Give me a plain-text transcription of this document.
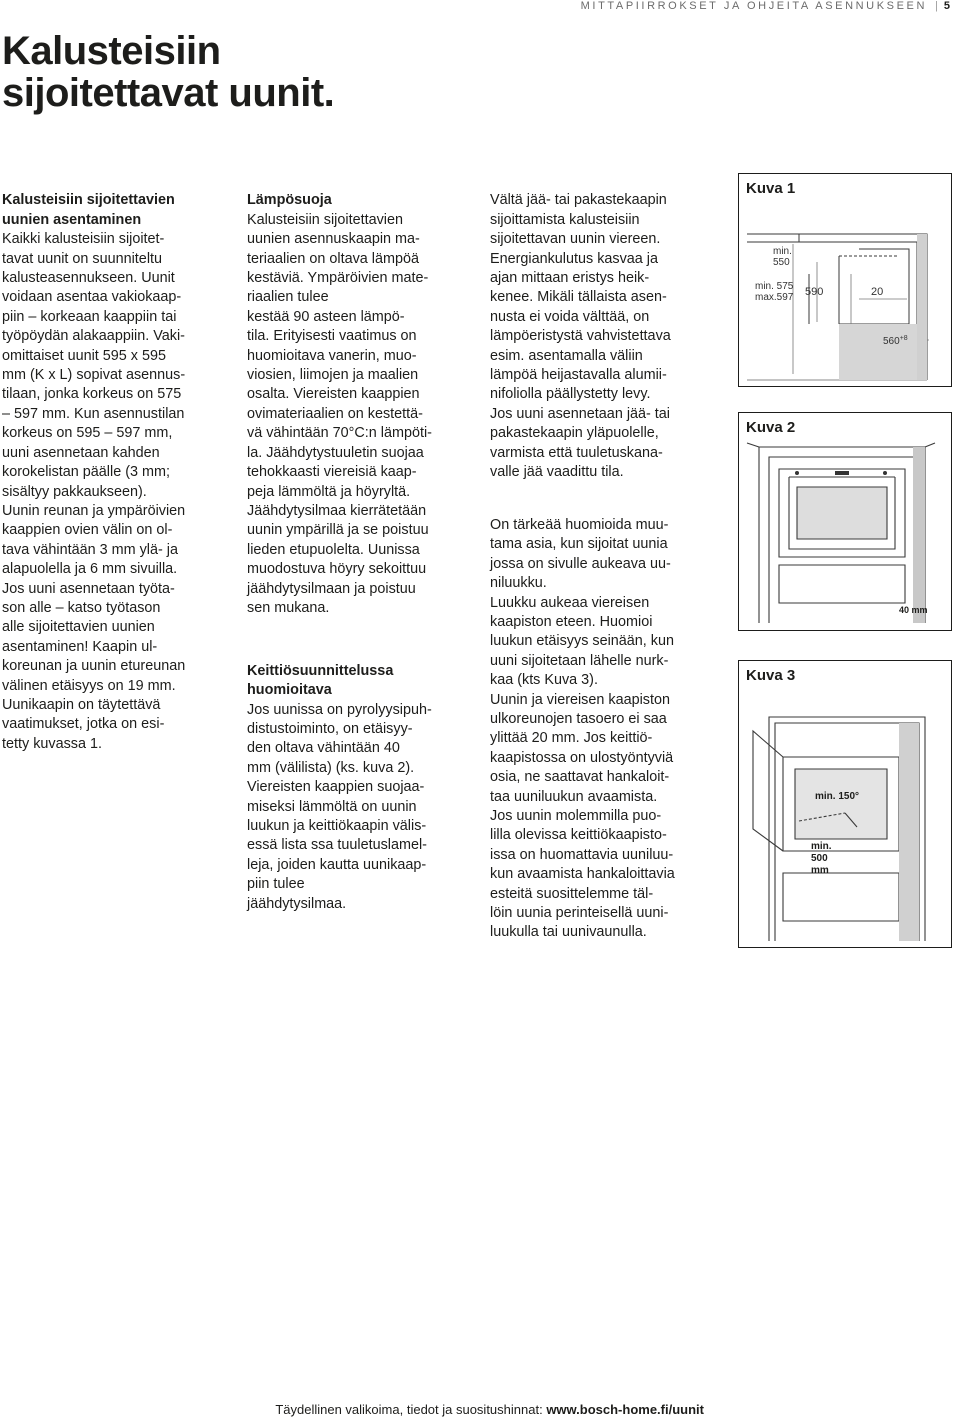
MITTAPIIRROKSET JA OHJEITA ASENNUKSEEN | 5
Kalusteisiin
sijoitettavat uunit.

Kalusteisiin sijoitettavien
uunien asentaminen
Kaikki kalusteisiin sijoitet-
tavat uunit on suunniteltu
kalusteasennukseen. Uunit
voidaan asentaa vakiokaap-
piin – korkeaan kaappiin tai
työpöydän alakaappiin. Vaki-
omittaiset uunit 595 x 595
mm (K x L) sopivat asennus-
tilaan, jonka korkeus on 575
– 597 mm. Kun asennustilan
korkeus on 595 – 597 mm,
uuni asennetaan kahden
korokelistan päälle (3 mm;
sisältyy pakkaukseen).
Uunin reunan ja ympäröivien
kaappien ovien välin on ol-
tava vähintään 3 mm ylä- ja
alapuolella ja 6 mm sivuilla.
Jos uuni asennetaan työta-
son alle – katso työtason
alle sijoitettavien uunien
asentaminen! Kaapin ul-
koreunan ja uunin etureunan
välinen etäisyys on 19 mm.
Uunikaapin on täytettävä
vaatimukset, jotka on esi-
tetty kuvassa 1.

Lämpösuoja
Kalusteisiin sijoitettavien
uunien asennuskaapin ma-
teriaalien on oltava lämpöä
kestäviä. Ympäröivien mate-
riaalien tulee
kestää 90 asteen lämpö-
tila. Erityisesti vaatimus on
huomioitava vanerin, muo-
viosien, liimojen ja maalien
osalta. Viereisten kaappien
ovimateriaalien on kestettä-
vä vähintään 70°C:n lämpöti-
la. Jäähdytystuuletin suojaa
tehokkaasti viereisiä kaap-
peja lämmöltä ja höyryltä.
Jäähdytysilmaa kierrätetään
uunin ympärillä ja se poistuu
lieden etupuolelta. Uunissa
muodostuva höyry sekoittuu
jäähdytysilmaan ja poistuu
sen mukana.

Keittiösuunnittelussa
huomioitava
Jos uunissa on pyrolyysipuh-
distustoiminto, on etäisyy-
den oltava vähintään 40
mm (välilista) (ks. kuva 2).
Viereisten kaappien suojaa-
miseksi lämmöltä on uunin
luukun ja keittiökaapin välis-
essä lista ssa tuuletuslamel-
leja, joiden kautta uunikaap-
piin tulee
jäähdytysilmaa.

Vältä jää- tai pakastekaapin
sijoittamista kalusteisiin
sijoitettavan uunin viereen.
Energiankulutus kasvaa ja
ajan mittaan eristys heik-
kenee. Mikäli tällaista asen-
nusta ei voida välttää, on
lämpöeristystä vahvistettava
esim. asentamalla väliin
lämpöä heijastavalla alumii-
nifoliolla päällystetty levy.
Jos uuni asennetaan jää- tai
pakastekaapin yläpuolelle,
varmista että tuuletuskana-
valle jää vaadittu tila.

On tärkeää huomioida muu-
tama asia, kun sijoitat uunia
jossa on sivulle aukeava uu-
niluukku.
Luukku aukeaa viereisen
kaapiston eteen. Huomioi
luukun etäisyys seinään, kun
uuni sijoitetaan lähelle nurk-
kaa (kts Kuva 3).
Uunin ja viereisen kaapiston
ulkoreunojen tasoero ei saa
ylittää 20 mm. Jos keittiö-
kaapistossa on ulostyöntyviä
osia, ne saattavat hankaloit-
taa uuniluukun avaamista.
Jos uunin molemmilla puo-
lilla olevissa keittiökaapisto-
issa on huomattavia uuniluu-
kun avaamista hankaloittavia
esteitä suosittelemme täl-
löin uunia perinteisellä uuni-
luukulla tai uunivaunulla.

Kuva 1
min. 550
min. 575
max.597 590	20
$560^{+8}$
Kuva 2
40 mm
Kuva 3
min. 150°
min.
500
mm
Täydellinen valikoima, tiedot ja suositushinnat: www.bosch-home.fi/uunit
